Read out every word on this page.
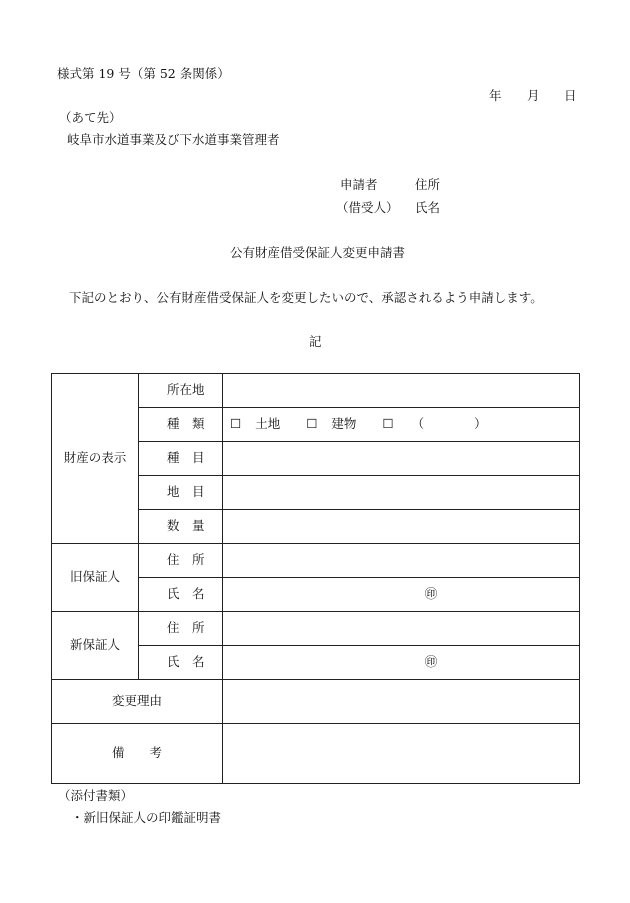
様式第 19 号（第 52 条関係）
年 月 日
（あて先）
岐阜市水道事業及び下水道事業管理者
申請者	住所
（借受人） 氏名
公有財産借受保証人変更申請書
下記のとおり、公有財産借受保証人を変更したいので、承認されるよう申請します。
記
財産の表示	所在地	
	種　類	☐ 土地 ☐ 建物 ☐ （　　　　）
	種　目	
	地　目	
	数　量	
旧保証人	住　所	
	氏　名	㊞
新保証人	住　所	
	氏　名	㊞
変更理由		
備　　考		
（添付書類）
・新旧保証人の印鑑証明書
